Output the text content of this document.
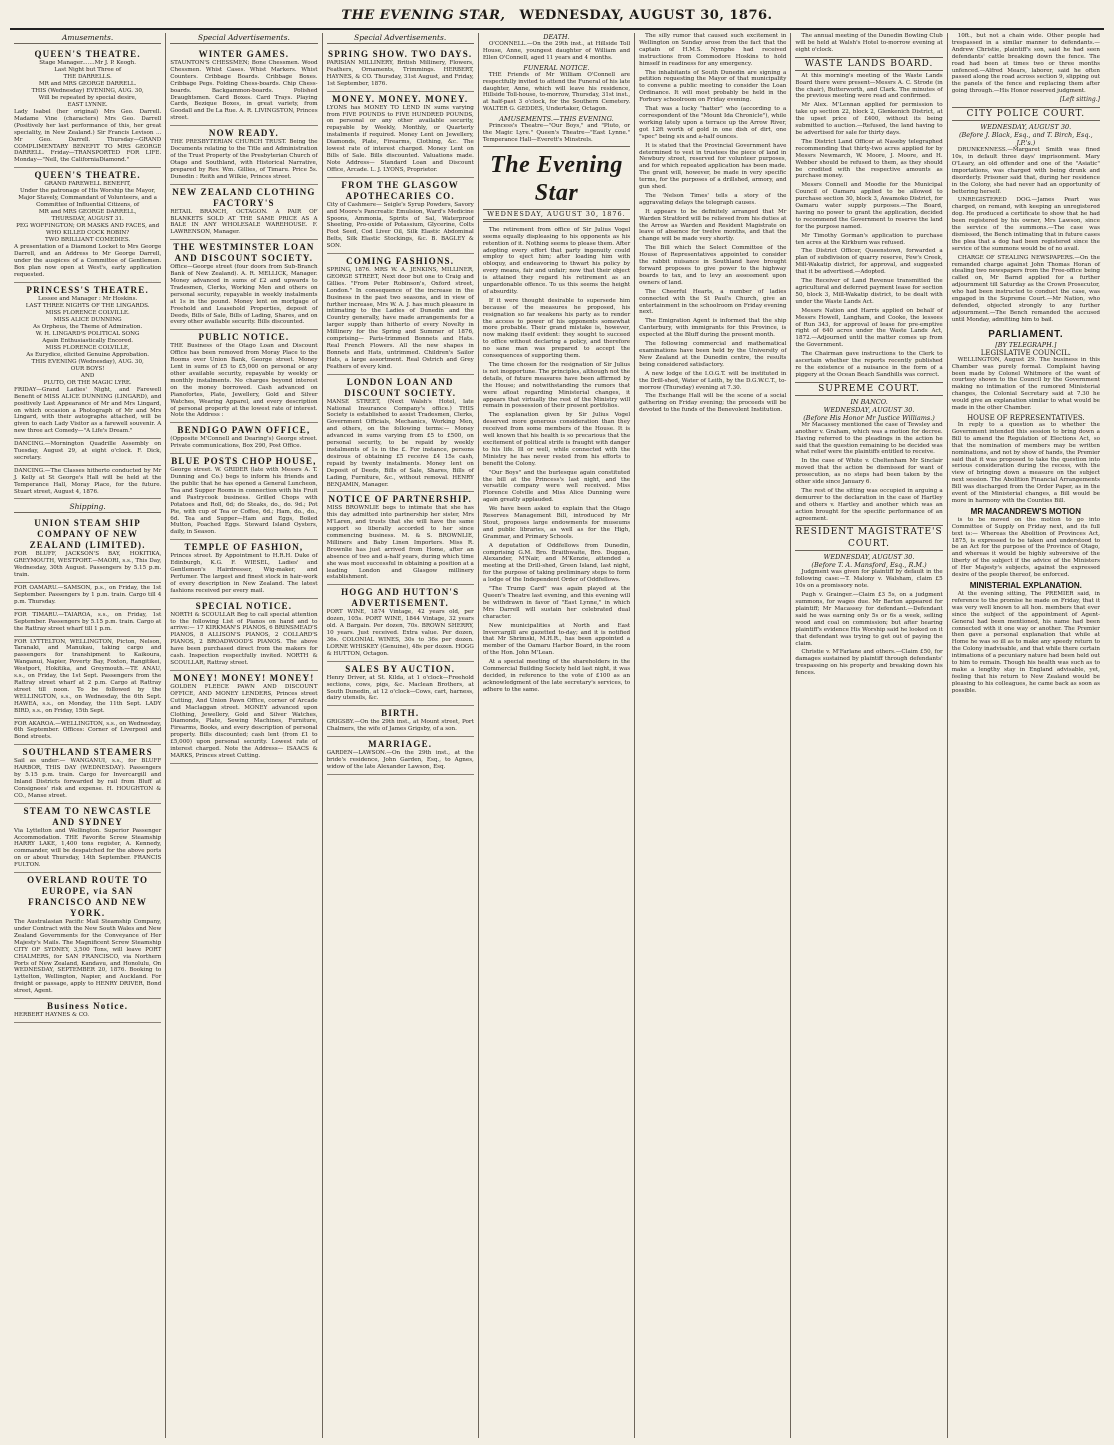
THE EVENING STAR, WEDNESDAY, AUGUST 30, 1876.
Amusements.
QUEEN'S THEATRE.
Stage Manager.......Mr J. P. Keogh.
Last Night but Three of
THE DARRELLS.
MR and MRS GEORGE DARRELL.
THIS (Wednesday) EVENING, AUG. 30,
Will be repeated by special desire,
EAST LYNNE.
Lady Isabel (her original) Mrs Geo. Darrell. Madame Vine (characters) Mrs Geo. Darrell (Positively her last performance of this, her great speciality, in New Zealand.) Sir Francis Levison ... Mr Geo. Darrell. Thursday—GRAND COMPLIMENTARY BENEFIT TO MRS GEORGE DARRELL. Friday—TRANSPORTED FOR LIFE. Monday—"Nell, the CaliforniaDiamond."
QUEEN'S THEATRE.
GRAND FAREWELL BENEFIT,
Under the patronage of His Worship the Mayor, Major Stavely, Commandant of Volunteers, and a Committee of Influential Citizens, of
MR and MRS GEORGE DARRELL,
THURSDAY, AUGUST 31.
PEG WOFFINGTON; OR MASKS AND FACES, and
WHO KILLED COCK ROBIN?
TWO BRILLIANT COMEDIES.
A presentation of a Diamond Locket to Mrs George Darrell, and an Address to Mr George Darrell, under the auspices of a Committee of Gentlemen. Box plan now open at West's, early application requested.
PRINCESS'S THEATRE.
Lessee and Manager : Mr Hoskins.
LAST THREE NIGHTS OF THE LINGARDS.
MISS FLORENCE COLVILLE.
MISS ALICE DUNNING
As Orpheus, the Theme of Admiration.
W. H. LINGARD'S POLITICAL SONG
Again Enthusiastically Encored.
MISS FLORENCE COLVILLE,
As Eurydice, elicited Genuine Approbation.
THIS EVENING (Wednesday), AUG. 30,
OUR BOYS!
AND
PLUTO, OR THE MAGIC LYRE.
FRIDAY—Grand Ladies' Night, and Farewell Benefit of MISS ALICE DUNNING (LINGARD), and positively Last Appearance of Mr and Mrs Lingard, on which occasion a Photograph of Mr and Mrs Lingard, with their autographs attached, will be given to each Lady Visitor as a farewell souvenir. A new three act Comedy—"A Life's Dream."
DANCING.—Mornington Quadrille Assembly on Tuesday, August 29, at eight o'clock. F. Dick, secretary.
DANCING.—The Classes hitherto conducted by Mr J. Kelly at St George's Hall will be held at the Temperance Hall, Moray Place, for the future. Stuart street, August 4, 1876.
Shipping.
UNION STEAM SHIP COMPANY OF NEW ZEALAND (LIMITED).
FOR BLUFF, JACKSON'S BAY, HOKITIKA, GREYMOUTH, WESTPORT.—MAORI, s.s., This Day, Wednesday, 30th August. Passengers by 5.15 p.m. train.
FOR OAMARU.—SAMSON, p.s., on Friday, the 1st September. Passengers by 1 p.m. train. Cargo till 4 p.m. Thursday.
FOR TIMARU.—TAIAROA, s.s., on Friday, 1st September. Passengers by 5.15 p.m. train. Cargo at the Rattray street wharf till 1 p.m.
FOR LYTTELTON, WELLINGTON, Picton, Nelson, Taranaki, and Manukau, taking cargo and passengers for transhipment to Kaikoura, Wanganui, Napier, Poverty Bay, Foxton, Rangitikei, Westport, Hokitika, and Greymouth.—TE ANAU, s.s., on Friday, the 1st Sept. Passengers from the Rattray street wharf at 2 p.m. Cargo at Rattray street till noon. To be followed by the WELLINGTON, s.s., on Wednesday, the 6th Sept. HAWEA, s.s., on Monday, the 11th Sept. LADY BIRD, s.s., on Friday, 15th Sept.
FOR AKAROA.—WELLINGTON, s.s., on Wednesday, 6th September. Offices: Corner of Liverpool and Bond streets.
SOUTHLAND STEAMERS
Sail as under:— WANGANUI, s.s., for BLUFF HARBOR, THIS DAY (WEDNESDAY). Passengers by 5.15 p.m. train. Cargo for Invercargill and Inland Districts forwarded by rail from Bluff at Consignees' risk and expense. H. HOUGHTON & CO., Manse street.
STEAM TO NEWCASTLE AND SYDNEY
Via Lyttelton and Wellington. Superior Passenger Accommodation. THE Favorite Screw Steamship HARRY LAKE, 1,400 tons register, A. Kennedy, commander, will be despatched for the above ports on or about Thursday, 14th September. FRANCIS FULTON.
OVERLAND ROUTE TO EUROPE, via SAN FRANCISCO AND NEW YORK.
The Australasian Pacific Mail Steamship Company, under Contract with the New South Wales and New Zealand Governments for the Conveyance of Her Majesty's Mails. The Magnificent Screw Steamship CITY OF SYDNEY, 3,500 Tons, will leave PORT CHALMERS, for SAN FRANCISCO, via Northern Ports of New Zealand, Kandavu, and Honolulu, On WEDNESDAY, SEPTEMBER 20, 1876. Booking to Lyttelton, Wellington, Napier, and Auckland. For freight or passage, apply to HENRY DRIVER, Bond street, Agent.
Business Notice.
HERBERT HAYNES & CO.
Special Advertisements.
WINTER GAMES.
STAUNTON'S CHESSMEN; Bone Chessmen. Wood Chessmen. Whist Cases. Whist Markers. Whist Counters. Cribbage Boards. Cribbage Boxes. Cribbage Pegs. Folding Chess-boards. Chip Chess-boards. Backgammon-boards. Polished Draughtsmen. Card Boxes. Card Trays. Playing Cards, Bezique Boxes, in great variety, from Goodall and De La Rue. A. R. LIVINGSTON, Princes street.
NOW READY.
THE PRESBYTERIAN CHURCH TRUST. Being the Documents relating to the Title and Administration of the Trust Property of the Presbyterian Church of Otago and Southland, with Historical Narrative, prepared by Rev. Wm. Gillies, of Timaru. Price 5s. Dunedin : Reith and Wilkie, Princes street.
NEW ZEALAND CLOTHING FACTORY'S
RETAIL BRANCH, OCTAGON. A PAIR OF BLANKETS SOLD AT THE SAME PRICE AS A BALE IN ANY WHOLESALE WAREHOUSE. F. LAWRENSON, Manager.
THE WESTMINSTER LOAN AND DISCOUNT SOCIETY.
Office—George street (four doors from Sub-Branch Bank of New Zealand). A. R. MELLICK, Manager. Money advanced in sums of £2 and upwards to Tradesmen, Clerks, Working Men and others on personal security, repayable in weekly instalments at 1s in the pound. Money lent on mortgage of Freehold and Leasehold Properties, deposit of Deeds, Bills of Sale, Bills of Lading, Shares, and on every other available security. Bills discounted.
PUBLIC NOTICE.
THE Business of the Otago Loan and Discount Office has been removed from Moray Place to the Rooms over Union Bank, George street. Money Lent in sums of £5 to £5,000 on personal or any other available security, repayable by weekly or monthly instalments. No charges beyond interest on the money borrowed. Cash advanced on Pianofortes, Plate, Jewellery, Gold and Silver Watches, Wearing Apparel, and every description of personal property at the lowest rate of interest. Note the Address :
BENDIGO PAWN OFFICE,
(Opposite M'Connell and Dearing's) George street. Private communications, Box 290, Post Office.
BLUE POSTS CHOP HOUSE,
George street. W. GRIDER (late with Messrs A. T. Dunning and Co.) begs to inform his friends and the public that he has opened a General Luncheon, Tea and Supper Rooms in connection with his Fruit and Pastrycook business. Grilled Chops with Potatoes and Roll, 6d; do Steaks, do., do. 9d.; Pot Pie, with cup of Tea or Coffee, 6d.; Ham, do., do., 6d. Tea and Supper—Ham and Eggs, Boiled Mutton, Poached Eggs. Steward Island Oysters, daily, in Season.
TEMPLE OF FASHION,
Princes street. By Appointment to H.R.H. Duke of Edinburgh, K.G. F. WIESEL, Ladies' and Gentlemen's Hairdresser, Wig-maker, and Perfumer. The largest and finest stock in hair-work of every description in New Zealand. The latest fashions received per every mail.
SPECIAL NOTICE.
NORTH & SCOULLAR Beg to call special attention to the following List of Pianos on hand and to arrive:— 17 KIRKMAN'S PIANOS, 6 BRINSMEAD'S PIANOS, 8 ALLISON'S PIANOS, 2 COLLARD'S PIANOS, 2 BROADWOOD'S PIANOS. The above have been purchased direct from the makers for cash. Inspection respectfully invited. NORTH & SCOULLAR, Rattray street.
MONEY! MONEY! MONEY!
GOLDEN FLEECE PAWN AND DISCOUNT OFFICE, AND MONEY LENDERS, Princes street Cutting, And Union Pawn Office, corner of Arcade and Maclaggan street. MONEY advanced upon Clothing, Jewellery, Gold and Silver Watches, Diamonds, Plate, Sewing Machines, Furniture, Firearms, Books, and every description of personal property. Bills discounted; cash lent (from £1 to £5,000) upon personal security. Lowest rate of interest charged. Note the Address— ISAACS & MARKS, Princes street Cutting.
Special Advertisements.
SPRING SHOW. TWO DAYS.
PARISIAN MILLINERY, British Millinery, Flowers, Feathers, Ornaments, Trimmings. HERBERT, HAYNES, & CO. Thursday, 31st August, and Friday, 1st September, 1876.
MONEY. MONEY. MONEY.
LYONS has MONEY TO LEND IN sums varying from FIVE POUNDS to FIVE HUNDRED POUNDS, on personal or any other available security, repayable by Weekly, Monthly, or Quarterly instalments if required. Money Lent on Jewellery, Diamonds, Plate, Firearms, Clothing, &c. The lowest rate of interest charged. Money Lent on Bills of Sale. Bills discounted. Valuations made. Note Address— Standard Loan and Discount Office, Arcade. L. J. LYONS, Proprietor.
FROM THE GLASGOW APOTHECARIES CO.
City of Cashmere— Seigle's Syrup Powders, Savory and Moore's Pancreatic Emulsion, Ward's Medicine Spoons, Ammonia, Spirits of Sal, Waterproof Sheeting, Pro-oxide of Potassium, Glycerine, Colts Foot Seed, Cod Liver Oil, Silk Elastic Abdominal Belts, Silk Elastic Stockings, &c. B. BAGLEY & SON.
COMING FASHIONS.
SPRING, 1876. MRS W. A. JENKINS, MILLINER, GEORGE STREET, Next door but one to Craig and Gillies. "From Peter Robinson's, Oxford street, London." In consequence of the increase in the Business in the past two seasons, and in view of further increase, Mrs W. A. J. has much pleasure in intimating to the Ladies of Dunedin and the Country generally, have made arrangements for a larger supply than hitherto of every Novelty in Millinery for the Spring and Summer of 1876, comprising— Paris-trimmed Bonnets and Hats. Real French Flowers. All the new shapes in Bonnets and Hats, untrimmed. Children's Sailor Hats, a large assortment. Real Ostrich and Grey Feathers of every kind.
LONDON LOAN AND DISCOUNT SOCIETY.
MANSE STREET, (Next Walsh's Hotel, late National Insurance Company's office.) THIS Society is established to assist Tradesmen, Clerks, Government Officials, Mechanics, Working Men, and others, on the following terms:— Money advanced in sums varying from £5 to £500, on personal security, to be repaid by weekly instalments of 1s in the £. For instance, persons desirous of obtaining £5 receive £4 15s cash, repaid by twenty instalments. Money lent on Deposit of Deeds, Bills of Sale, Shares, Bills of Lading, Furniture, &c., without removal. HENRY BENJAMIN, Manager.
NOTICE OF PARTNERSHIP.
MISS BROWNLIE begs to intimate that she has this day admitted into partnership her sister, Mrs M'Laren, and trusts that she will have the same support so liberally accorded to her since commencing business. M. & S. BROWNLIE, Milliners and Baby Linen Importers. Miss R. Brownlie has just arrived from Home, after an absence of two and a-half years, during which time she was most successful in obtaining a position at a leading London and Glasgow millinery establishment.
HOGG AND HUTTON'S ADVERTISEMENT.
PORT WINE, 1874 Vintage, 42 years old, per dozen, 105s. PORT WINE, 1844 Vintage, 32 years old. A Bargain. Per dozen, 70s. BROWN SHERRY, 10 years. Just received. Extra value. Per dozen, 36s. COLONIAL WINES, 30s to 36s per dozen. LORNE WHISKEY (Genuine), 48s per dozen. HOGG & HUTTON, Octagon.
SALES BY AUCTION.
Henry Driver, at St. Kilda, at 1 o'clock—Freehold sections, cows, pigs, &c. Maclean Brothers, at South Dunedin, at 12 o'clock—Cows, cart, harness, dairy utensils, &c.
BIRTH.
GRIGSBY.—On the 29th inst., at Mount street, Port Chalmers, the wife of James Grigsby, of a son.
MARRIAGE.
GARDEN—LAWSON.—On the 29th inst., at the bride's residence, John Garden, Esq., to Agnes, widow of the late Alexander Lawson, Esq.
DEATH.
O'CONNELL.—On the 29th inst., at Hillside Toll House, Anne, youngest daughter of William and Ellen O'Connell, aged 11 years and 4 months.
FUNERAL NOTICE.
THE Friends of Mr William O'Connell are respectfully invited to attend the Funeral of his late daughter, Anne, which will leave his residence, Hillside Toll-house, to-morrow, Thursday, 31st inst., at half-past 3 o'clock, for the Southern Cemetery. WALTER G. GEDDES, Undertaker, Octagon.
AMUSEMENTS.—THIS EVENING.
Princess's Theatre—"Our Boys," and "Pluto, or the Magic Lyre." Queen's Theatre—"East Lynne." Temperance Hall—Everett's Minstrels.
The Evening Star
WEDNESDAY, AUGUST 30, 1876.
The retirement from office of Sir Julius Vogel seems equally displeasing to his opponents as his retention of it. Nothing seems to please them. After adopting every effort that party ingenuity could employ to eject him; after loading him with obloquy, and endeavoring to thwart his policy by every means, fair and unfair; now that their object is attained they regard his retirement as an unpardonable offence. To us this seems the height of absurdity.
If it were thought desirable to supersede him because of the measures he proposed, his resignation so far weakens his party as to render the access to power of his opponents somewhat more probable. Their grand mistake is, however, now making itself evident: they sought to succeed to office without declaring a policy, and therefore no sane man was prepared to accept the consequences of supporting them.
The time chosen for the resignation of Sir Julius is not inopportune. The principles, although not the details, of future measures have been affirmed by the House; and notwithstanding the rumors that were afloat regarding Ministerial changes, it appears that virtually the rest of the Ministry will remain in possession of their present portfolios.
The explanation given by Sir Julius Vogel deserved more generous consideration than they received from some members of the House. It is well known that his health is so precarious that the excitement of political strife is fraught with danger to his life. Ill or well, while connected with the Ministry he has never rested from his efforts to benefit the Colony.
"Our Boys" and the burlesque again constituted the bill at the Princess's last night, and the versatile company were well received. Miss Florence Colville and Miss Alice Dunning were again greatly applauded.
We have been asked to explain that the Otago Reserves Management Bill, introduced by Mr Stout, proposes large endowments for museums and public libraries, as well as for the High, Grammar, and Primary Schools.
A deputation of Oddfellows from Dunedin, comprising G.M. Bro. Braithwaite, Bro. Duggan, Alexander, M'Nair, and M'Kenzie, attended a meeting at the Drill-shed, Green Island, last night, for the purpose of taking preliminary steps to form a lodge of the Independent Order of Oddfellows.
"The Trump Card" was again played at the Queen's Theatre last evening, and this evening will be withdrawn in favor of "East Lynne," in which Mrs Darrell will sustain her celebrated dual character.
New municipalities at North and East Invercargill are gazetted to-day; and it is notified that Mr Shrimski, M.H.R., has been appointed a member of the Oamaru Harbor Board, in the room of the Hon. John M'Lean.
At a special meeting of the shareholders in the Commercial Building Society held last night, it was decided, in reference to the vote of £100 as an acknowledgment of the late secretary's services, to adhere to the same.
The silly rumor that caused such excitement in Wellington on Sunday arose from the fact that the captain of H.M.S. Nymphe had received instructions from Commodore Hoskins to hold himself in readiness for any emergency.
The inhabitants of South Dunedin are signing a petition requesting the Mayor of that municipality to convene a public meeting to consider the Loan Ordinance. It will most probably be held in the Forbury schoolroom on Friday evening.
That was a lucky "hatter" who (according to a correspondent of the "Mount Ida Chronicle"), while working lately upon a terrace up the Arrow River, got 12ft worth of gold in one dish of dirt, one "spec" being six and a-half ounces.
It is stated that the Provincial Government have determined to vest in trustees the piece of land in Newbury street, reserved for volunteer purposes, and for which repeated application has been made. The grant will, however, be made in very specific terms, for the purposes of a drillshed, armory, and gun shed.
The 'Nelson Times' tells a story of the aggravating delays the telegraph causes.
It appears to be definitely arranged that Mr Warden Stratford will be relieved from his duties at the Arrow as Warden and Resident Magistrate on leave of absence for twelve months, and that the change will be made very shortly.
The Bill which the Select Committee of the House of Representatives appointed to consider the rabbit nuisance in Southland have brought forward proposes to give power to the highway boards to tax, and to levy an assessment upon owners of land.
The Cheerful Hearts, a number of ladies connected with the St Paul's Church, give an entertainment in the schoolroom on Friday evening next.
The Emigration Agent is informed that the ship Canterbury, with immigrants for this Province, is expected at the Bluff during the present month.
The following commercial and mathematical examinations have been held by the University of New Zealand at the Dunedin centre, the results being considered satisfactory.
A new lodge of the I.O.G.T. will be instituted in the Drill-shed, Water of Leith, by the D.G.W.C.T., to-morrow (Thursday) evening at 7.30.
The Exchange Hall will be the scene of a social gathering on Friday evening; the proceeds will be devoted to the funds of the Benevolent Institution.
The annual meeting of the Dunedin Bowling Club will be held at Walsh's Hotel to-morrow evening at eight o'clock.
WASTE LANDS BOARD.
At this morning's meeting of the Waste Lands Board there were present—Messrs A. C. Strode (in the chair), Butterworth, and Clark. The minutes of the previous meeting were read and confirmed.
Mr Alex. M'Lennan applied for permission to take up section 22, block 2, Glenkenich District, at the upset price of £400, without its being submitted to auction.—Refused, the land having to be advertised for sale for thirty days.
The District Land Officer at Naseby telegraphed recommending that thirty-two acres applied for by Messrs Newmarch, W. Moore, J. Moore, and H. Webber should be refused to them, as they should be credited with the respective amounts as purchase money.
Messrs Connell and Moodie for the Municipal Council of Oamaru applied to be allowed to purchase section 30, block 3, Awamoko District, for Oamaru water supply purposes.—The Board, having no power to grant the application, decided to recommend the Government to reserve the land for the purpose named.
Mr Timothy Gorman's application to purchase ten acres at the Kirkburn was refused.
The District Officer, Queenstown, forwarded a plan of subdivision of quarry reserve, Few's Creek, Mill-Wakatip district, for approval, and suggested that it be advertised.—Adopted.
The Receiver of Land Revenue transmitted the agricultural and deferred payment lease for section 50, block 3, Mill-Wakatip district, to be dealt with under the Waste Lands Act.
Messrs Nation and Harris applied on behalf of Messrs Howell, Langham, and Cooke, the lessees of Run 343, for approval of lease for pre-emptive right of 640 acres under the Waste Lands Act, 1872.—Adjourned until the matter comes up from the Government.
The Chairman gave instructions to the Clerk to ascertain whether the reports recently published re the existence of a nuisance in the form of a piggery at the Ocean Beach Sandhills was correct.
SUPREME COURT.
IN BANCO.
WEDNESDAY, AUGUST 30.
(Before His Honor Mr Justice Williams.)
Mr Macassey mentioned the case of Tewsley and another v. Graham, which was a motion for decree. Having referred to the pleadings in the action he said that the question remaining to be decided was what relief were the plaintiffs entitled to receive.
In the case of White v. Cheltenham Mr Sinclair moved that the action be dismissed for want of prosecution, as no steps had been taken by the other side since January 6.
The rest of the sitting was occupied in arguing a demurrer to the declaration in the case of Hartley and others v. Hartley and another which was an action brought for the specific performance of an agreement.
RESIDENT MAGISTRATE'S COURT.
WEDNESDAY, AUGUST 30.
(Before T. A. Mansford, Esq., R.M.)
Judgment was given for plaintiff by default in the following case:—T. Malony v. Walsham, claim £5 10s on a promissory note.
Pugh v. Grainger.—Claim £3 5s, on a judgment summons, for wages due. Mr Barton appeared for plaintiff; Mr Macassey for defendant.—Defendant said he was earning only 5s or 6s a week, selling wood and coal on commission; but after hearing plaintiff's evidence His Worship said he looked on it that defendant was trying to get out of paying the claim.
Christie v. M'Farlane and others.—Claim £50, for damages sustained by plaintiff through defendants' trespassing on his property and breaking down his fences.
10ft., but not a chain wide. Other people had trespassed in a similar manner to defendants.—Andrew Christie, plaintiff's son, said he had seen defendants' cattle breaking down the fence. The road had been at times two or three months unfenced.—Alfred Mears, laborer, said he often passed along the road across section 9, slipping out the panels of the fence and replacing them after going through.—His Honor reserved judgment.
[Left sitting.]
CITY POLICE COURT.
WEDNESDAY, AUGUST 30.
(Before J. Black, Esq., and T. Birch, Esq., J.P.'s.)
DRUNKENNESS.—Margaret Smith was fined 10s, in default three days' imprisonment. Mary O'Leary, an old offender and one of the "Asiatic" importations, was charged with being drunk and disorderly. Prisoner said that, during her residence in the Colony, she had never had an opportunity of bettering herself.
UNREGISTERED DOG.—James Peart was charged, on remand, with keeping an unregistered dog. He produced a certificate to show that he had been registered by his owner, Mrs Lawson, since the service of the summons.—The case was dismissed, the Bench intimating that in future cases the plea that a dog had been registered since the service of the summons would be of no avail.
CHARGE OF STEALING NEWSPAPERS.—On the remanded charge against John Thomas Horan of stealing two newspapers from the Free-office being called on, Mr Barnd applied for a further adjournment till Saturday as the Crown Prosecutor, who had been instructed to conduct the case, was engaged in the Supreme Court.—Mr Nation, who defended, objected strongly to any further adjournment.—The Bench remanded the accused until Monday, admitting him to bail.
PARLIAMENT.
[BY TELEGRAPH.]
LEGISLATIVE COUNCIL.
WELLINGTON, August 29. The business in this Chamber was purely formal. Complaint having been made by Colonel Whitmore of the want of courtesy shown to the Council by the Government making no intimation of the rumored Ministerial changes, the Colonial Secretary said at 7.30 he would give an explanation similar to what would be made in the other Chamber.
HOUSE OF REPRESENTATIVES.
In reply to a question as to whether the Government intended this session to bring down a Bill to amend the Regulation of Elections Act, so that the nomination of members may be written nominations, and not by show of hands, the Premier said that it was proposed to take the question into serious consideration during the recess, with the view of bringing down a measure on the subject next session. The Abolition Financial Arrangements Bill was discharged from the Order Paper, as in the event of the Ministerial changes, a Bill would be more in harmony with the Counties Bill.
MR MACANDREW'S MOTION
is to be moved on the motion to go into Committee of Supply on Friday next, and its full text is:— Whereas the Abolition of Provinces Act, 1875, is expressed to be taken and understood to be an Act for the purpose of the Province of Otago, and whereas it would be highly subversive of the liberty of the subject if the advice of the Ministers of Her Majesty's subjects, against the expressed desire of the people thereof, be enforced.
MINISTERIAL EXPLANATION.
At the evening sitting, The PREMIER said, in reference to the promise he made on Friday, that it was very well known to all hon. members that ever since the subject of the appointment of Agent-General had been mentioned, his name had been connected with it one way or another. The Premier then gave a personal explanation that while at Home he was so ill as to make any speedy return to the Colony inadvisable, and that while there certain intimations of a pecuniary nature had been held out to him to remain. Though his health was such as to make a lengthy stay in England advisable, yet, feeling that his return to New Zealand would be pleasing to his colleagues, he came back as soon as possible.
